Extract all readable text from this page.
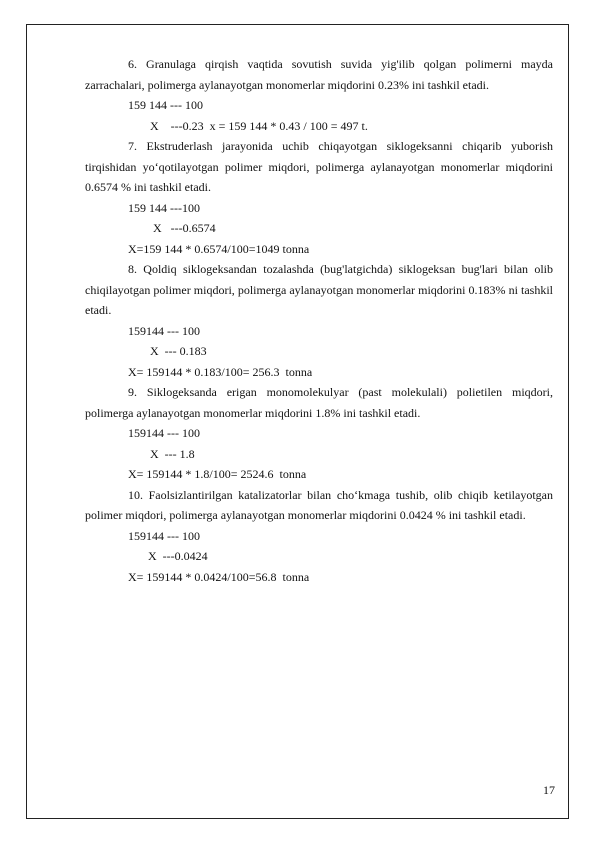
6. Granulaga qirqish vaqtida sovutish suvida yig'ilib qolgan polimerni mayda zarrachalari, polimerga aylanayotgan monomerlar miqdorini 0.23% ini tashkil etadi.

159 144 --- 100

X    ---0.23  x = 159 144 * 0.43 / 100 = 497 t.

7. Ekstruderlash jarayonida uchib chiqayotgan siklogeksanni chiqarib yuborish tirqishidan yo‘qotilayotgan polimer miqdori, polimerga aylanayotgan monomerlar miqdorini 0.6574 % ini tashkil etadi.

159 144 ---100

X   ---0.6574

X=159 144 * 0.6574/100=1049 tonna

8. Qoldiq siklogeksandan tozalashda (bug'latgichda) siklogeksan bug'lari bilan olib chiqilayotgan polimer miqdori, polimerga aylanayotgan monomerlar miqdorini 0.183% ni tashkil etadi.

159144 --- 100

X  --- 0.183

X= 159144 * 0.183/100= 256.3  tonna

9. Siklogeksanda erigan monomolekulyar (past molekulali) polietilen miqdori, polimerga aylanayotgan monomerlar miqdorini 1.8% ini tashkil etadi.

159144 --- 100

X  --- 1.8

X= 159144 * 1.8/100= 2524.6  tonna

10. Faolsizlantirilgan katalizatorlar bilan cho‘kmaga tushib, olib chiqib ketilayotgan polimer miqdori, polimerga aylanayotgan monomerlar miqdorini 0.0424 % ini tashkil etadi.

159144 --- 100

X  ---0.0424

X= 159144 * 0.0424/100=56.8  tonna

17
